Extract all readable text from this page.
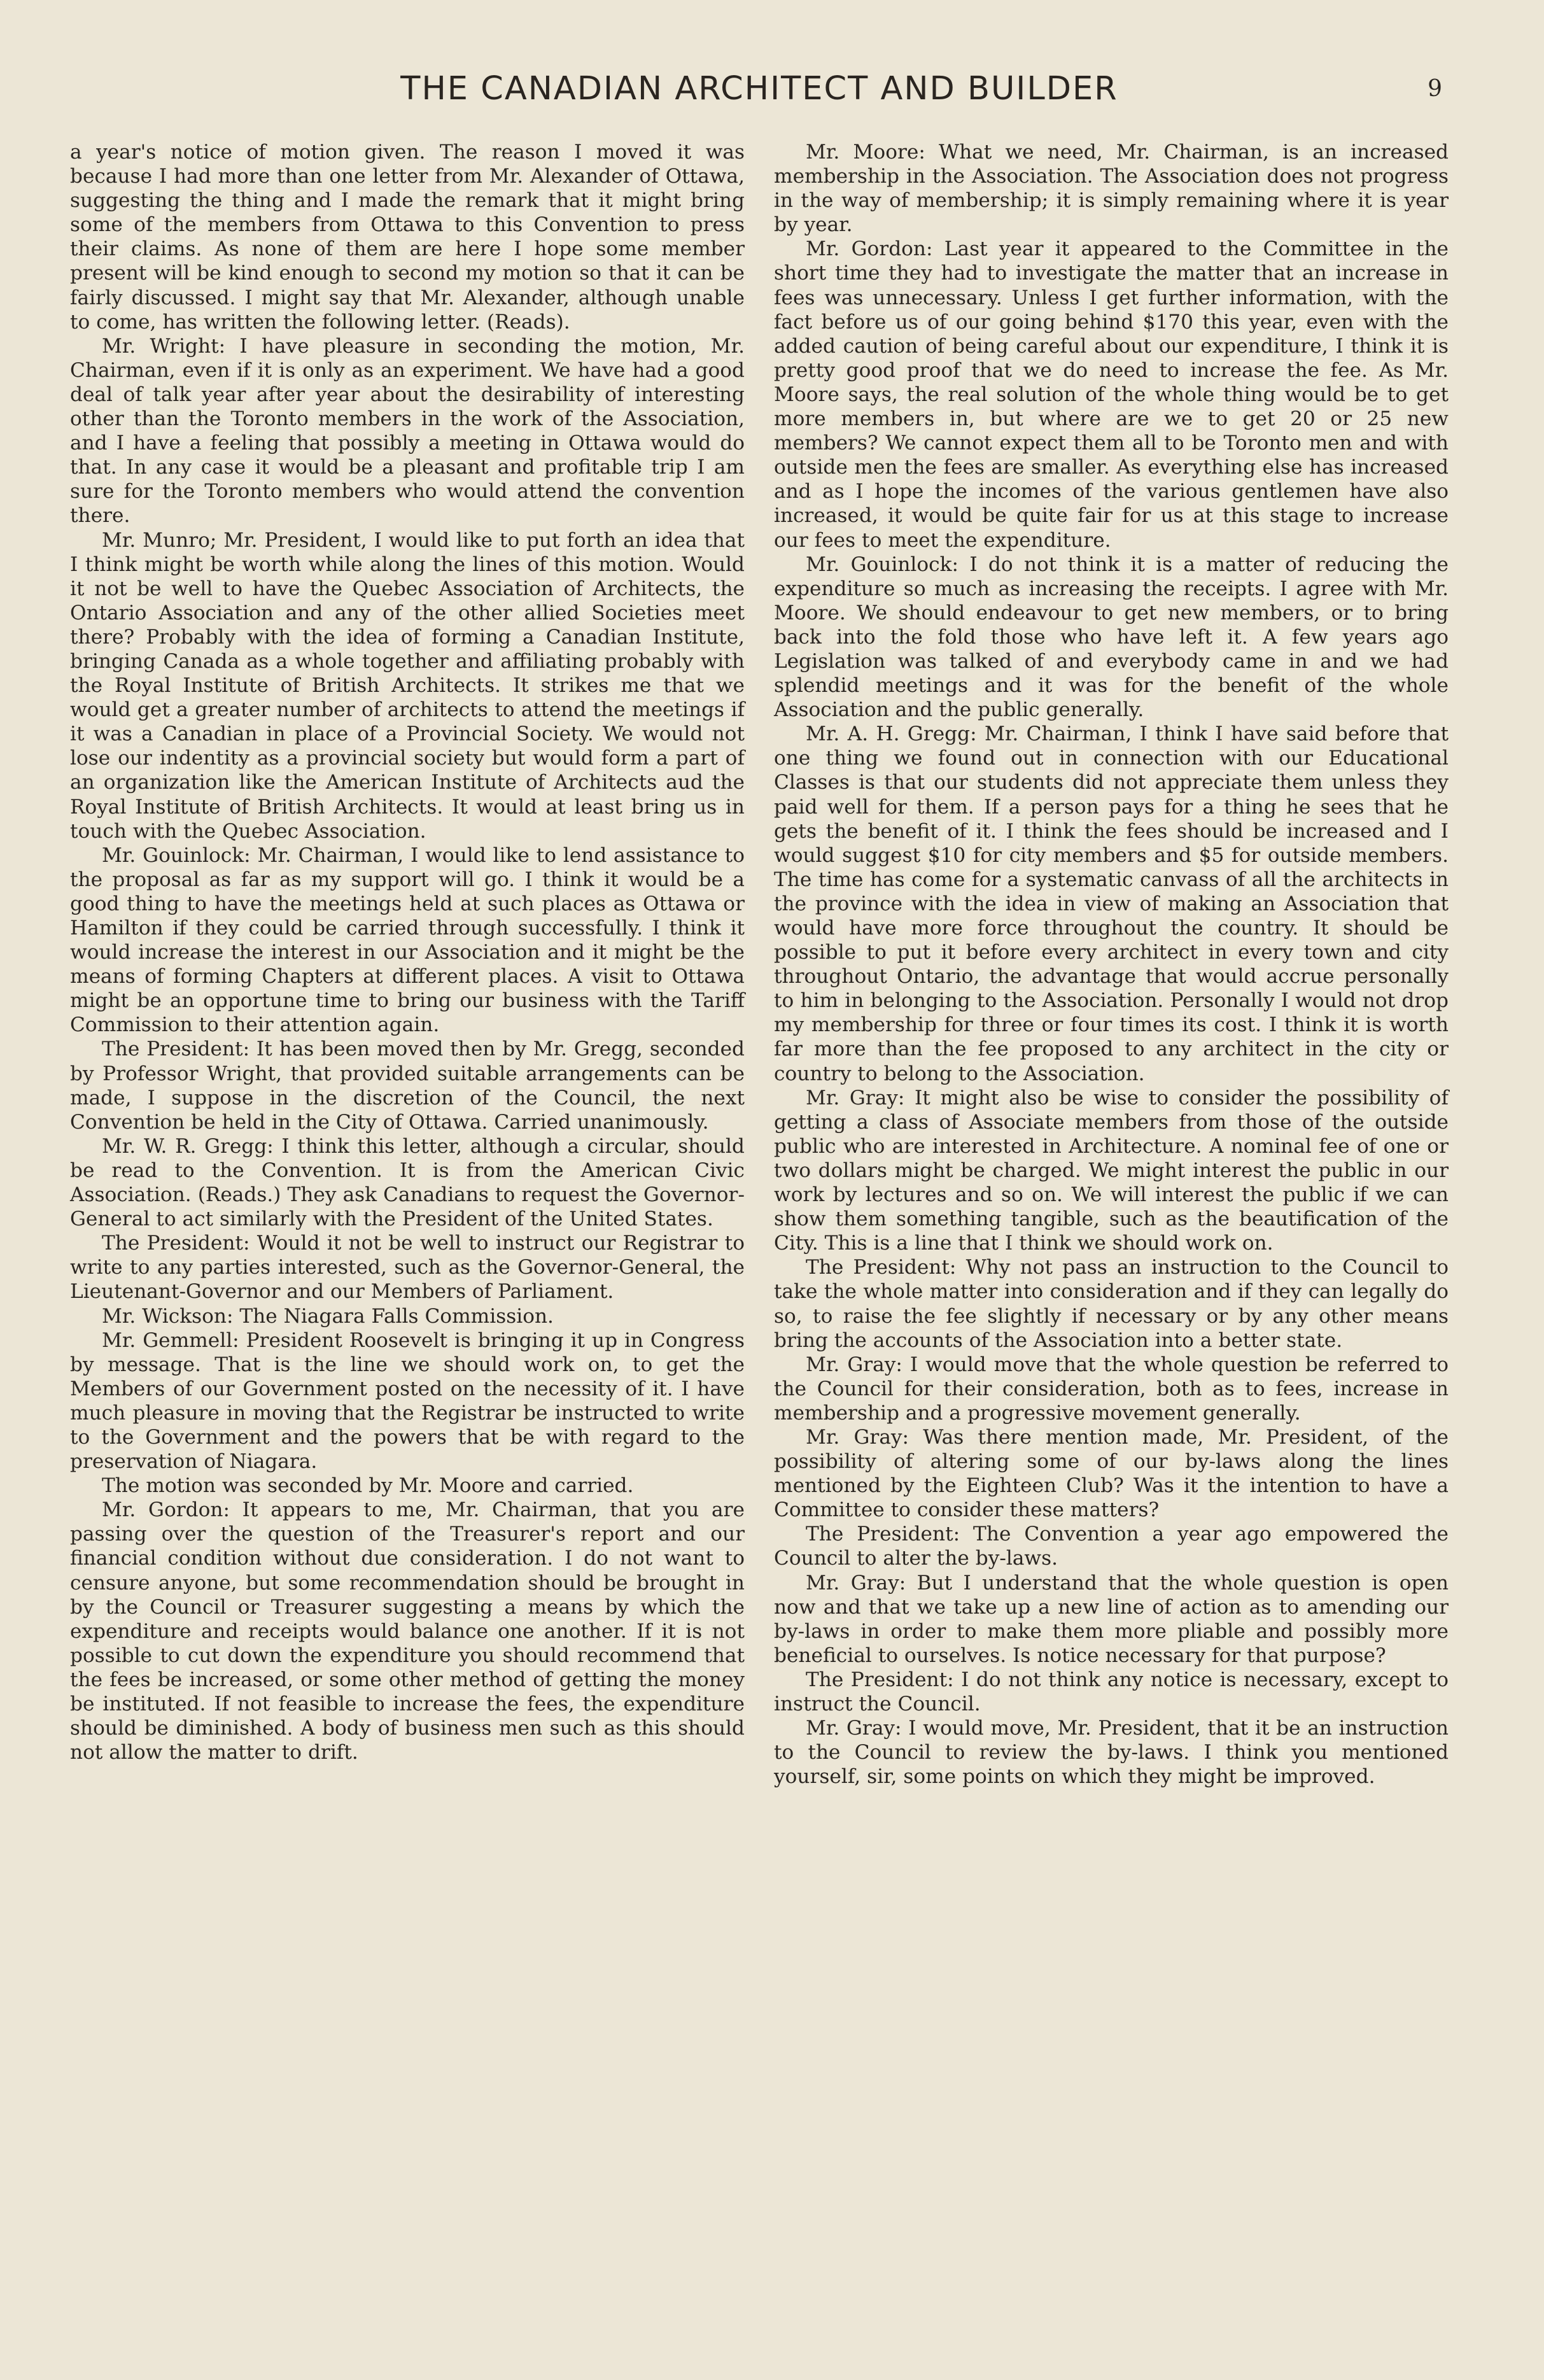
THE CANADIAN ARCHITECT AND BUILDER	9

a year's notice of motion given. The reason I moved it was because I had more than one letter from Mr. Alexander of Ottawa, suggesting the thing and I made the remark that it might bring some of the members from Ottawa to this Convention to press their claims. As none of them are here I hope some member present will be kind enough to second my motion so that it can be fairly discussed. I might say that Mr. Alexander, although unable to come, has written the following letter. (Reads).

Mr. Wright: I have pleasure in seconding the motion, Mr. Chairman, even if it is only as an experiment. We have had a good deal of talk year after year about the desirability of interesting other than the Toronto members in the work of the Association, and I have a feeling that possibly a meeting in Ottawa would do that. In any case it would be a pleasant and profitable trip I am sure for the Toronto members who would attend the convention there.

Mr. Munro; Mr. President, I would like to put forth an idea that I think might be worth while along the lines of this motion. Would it not be well to have the Quebec Association of Architects, the Ontario Association and any of the other allied Societies meet there? Probably with the idea of forming a Canadian Institute, bringing Canada as a whole together and affiliating probably with the Royal Institute of British Architects. It strikes me that we would get a greater number of architects to attend the meetings if it was a Canadian in place of a Provincial Society. We would not lose our indentity as a provincial society but would form a part of an organization like the American Institute of Architects aud the Royal Institute of British Architects. It would at least bring us in touch with the Quebec Association.

Mr. Gouinlock: Mr. Chairman, I would like to lend assistance to the proposal as far as my support will go. I think it would be a good thing to have the meetings held at such places as Ottawa or Hamilton if they could be carried through successfully. I think it would increase the interest in our Association and it might be the means of forming Chapters at different places. A visit to Ottawa might be an opportune time to bring our business with the Tariff Commission to their attention again.

The President: It has been moved then by Mr. Gregg, seconded by Professor Wright, that provided suitable arrangements can be made, I suppose in the discretion of the Council, the next Convention be held in the City of Ottawa. Carried unanimously.

Mr. W. R. Gregg: I think this letter, although a circular, should be read to the Convention. It is from the American Civic Association. (Reads.) They ask Canadians to request the Governor-General to act similarly with the President of the United States.

The President: Would it not be well to instruct our Registrar to write to any parties interested, such as the Governor-General, the Lieutenant-Governor and our Members of Parliament.

Mr. Wickson: The Niagara Falls Commission.

Mr. Gemmell: President Roosevelt is bringing it up in Congress by message. That is the line we should work on, to get the Members of our Government posted on the necessity of it. I have much pleasure in moving that the Registrar be instructed to write to the Government and the powers that be with regard to the preservation of Niagara.

The motion was seconded by Mr. Moore and carried.

Mr. Gordon: It appears to me, Mr. Chairman, that you are passing over the question of the Treasurer's report and our financial condition without due consideration. I do not want to censure anyone, but some recommendation should be brought in by the Council or Treasurer suggesting a means by which the expenditure and receipts would balance one another. If it is not possible to cut down the expenditure you should recommend that the fees be increased, or some other method of getting the money be instituted. If not feasible to increase the fees, the expenditure should be diminished. A body of business men such as this should not allow the matter to drift.

Mr. Moore: What we need, Mr. Chairman, is an increased membership in the Association. The Association does not progress in the way of membership; it is simply remaining where it is year by year.

Mr. Gordon: Last year it appeared to the Committee in the short time they had to investigate the matter that an increase in fees was unnecessary. Unless I get further information, with the fact before us of our going behind $170 this year, even with the added caution of being careful about our expenditure, I think it is pretty good proof that we do need to increase the fee. As Mr. Moore says, the real solution of the whole thing would be to get more members in, but where are we to get 20 or 25 new members? We cannot expect them all to be Toronto men and with outside men the fees are smaller. As everything else has increased and as I hope the incomes of the various gentlemen have also increased, it would be quite fair for us at this stage to increase our fees to meet the expenditure.

Mr. Gouinlock: I do not think it is a matter of reducing the expenditure so much as increasing the receipts. I agree with Mr. Moore. We should endeavour to get new members, or to bring back into the fold those who have left it. A few years ago Legislation was talked of and everybody came in and we had splendid meetings and it was for the benefit of the whole Association and the public generally.

Mr. A. H. Gregg: Mr. Chairman, I think I have said before that one thing we found out in connection with our Educational Classes is that our students did not appreciate them unless they paid well for them. If a person pays for a thing he sees that he gets the benefit of it. I think the fees should be increased and I would suggest $10 for city members and $5 for outside members. The time has come for a systematic canvass of all the architects in the province with the idea in view of making an Association that would have more force throughout the country. It should be possible to put it before every architect in every town and city throughout Ontario, the advantage that would accrue personally to him in belonging to the Association. Personally I would not drop my membership for three or four times its cost. I think it is worth far more than the fee proposed to any architect in the city or country to belong to the Association.

Mr. Gray: It might also be wise to consider the possibility of getting a class of Associate members from those of the outside public who are interested in Architecture. A nominal fee of one or two dollars might be charged. We might interest the public in our work by lectures and so on. We will interest the public if we can show them something tangible, such as the beautification of the City. This is a line that I think we should work on.

The President: Why not pass an instruction to the Council to take the whole matter into consideration and if they can legally do so, to raise the fee slightly if necessary or by any other means bring the accounts of the Association into a better state.

Mr. Gray: I would move that the whole question be referred to the Council for their consideration, both as to fees, increase in membership and a progressive movement generally.

Mr. Gray: Was there mention made, Mr. President, of the possibility of altering some of our by-laws along the lines mentioned by the Eighteen Club? Was it the intention to have a Committee to consider these matters?

The President: The Convention a year ago empowered the Council to alter the by-laws.

Mr. Gray: But I understand that the whole question is open now and that we take up a new line of action as to amending our by-laws in order to make them more pliable and possibly more beneficial to ourselves. Is notice necessary for that purpose?

The President: I do not think any notice is necessary, except to instruct the Council.

Mr. Gray: I would move, Mr. President, that it be an instruction to the Council to review the by-laws. I think you mentioned yourself, sir, some points on which they might be improved.
